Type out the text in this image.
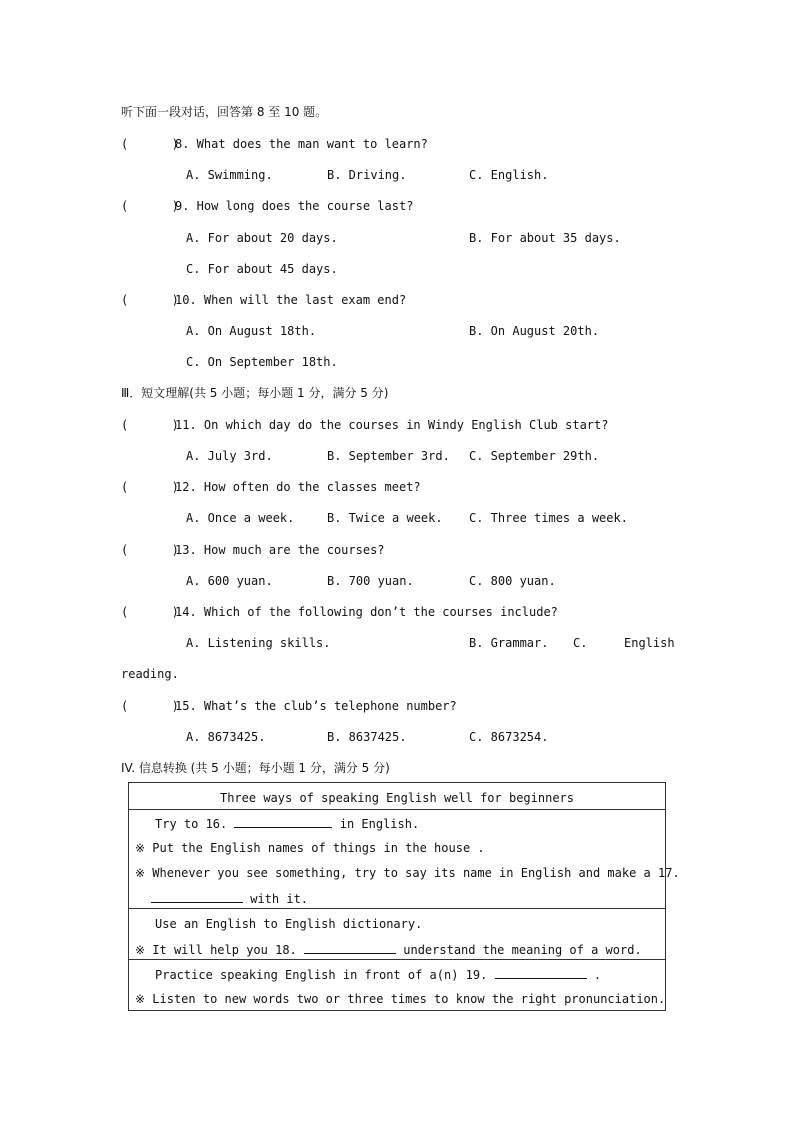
听下面一段对话，回答第 8 至 10 题。
(      )
8. What does the man want to learn?
A. Swimming.	B. Driving.	C. English.
(      )
9. How long does the course last?
A. For about 20 days.	B. For about 35 days.
C. For about 45 days.
(      )
10. When will the last exam end?
A. On August 18th.	B. On August 20th.
C. On September 18th.
Ⅲ．短文理解(共 5 小题；每小题 1 分，满分 5 分)
(      )
11. On which day do the courses in Windy English Club start?
A. July 3rd.	B. September 3rd. C. September 29th.
(      )
12. How often do the classes meet?
A. Once a week.	B. Twice a week. C. Three times a week.
(      )
13. How much are the courses?
A. 600 yuan.	B. 700 yuan.	C. 800 yuan.
(      )
14. Which of the following don’t the courses include?
A. Listening skills.	B. Grammar. C.	English
reading.
(      )
15. What’s the club’s telephone number?
A. 8673425.	B. 8637425.	C. 8673254.
IV. 信息转换 (共 5 小题；每小题 1 分，满分 5 分)
Three ways of speaking English well for beginners
Try to 16.	in English.
※ Put the English names of things in the house .
※ Whenever you see something, try to say its name in English and make a 17.
with it.
Use an English to English dictionary.
※ It will help you 18.	understand the meaning of a word.
Practice speaking English in front of a(n) 19.	.
※ Listen to new words two or three times to know the right pronunciation.
